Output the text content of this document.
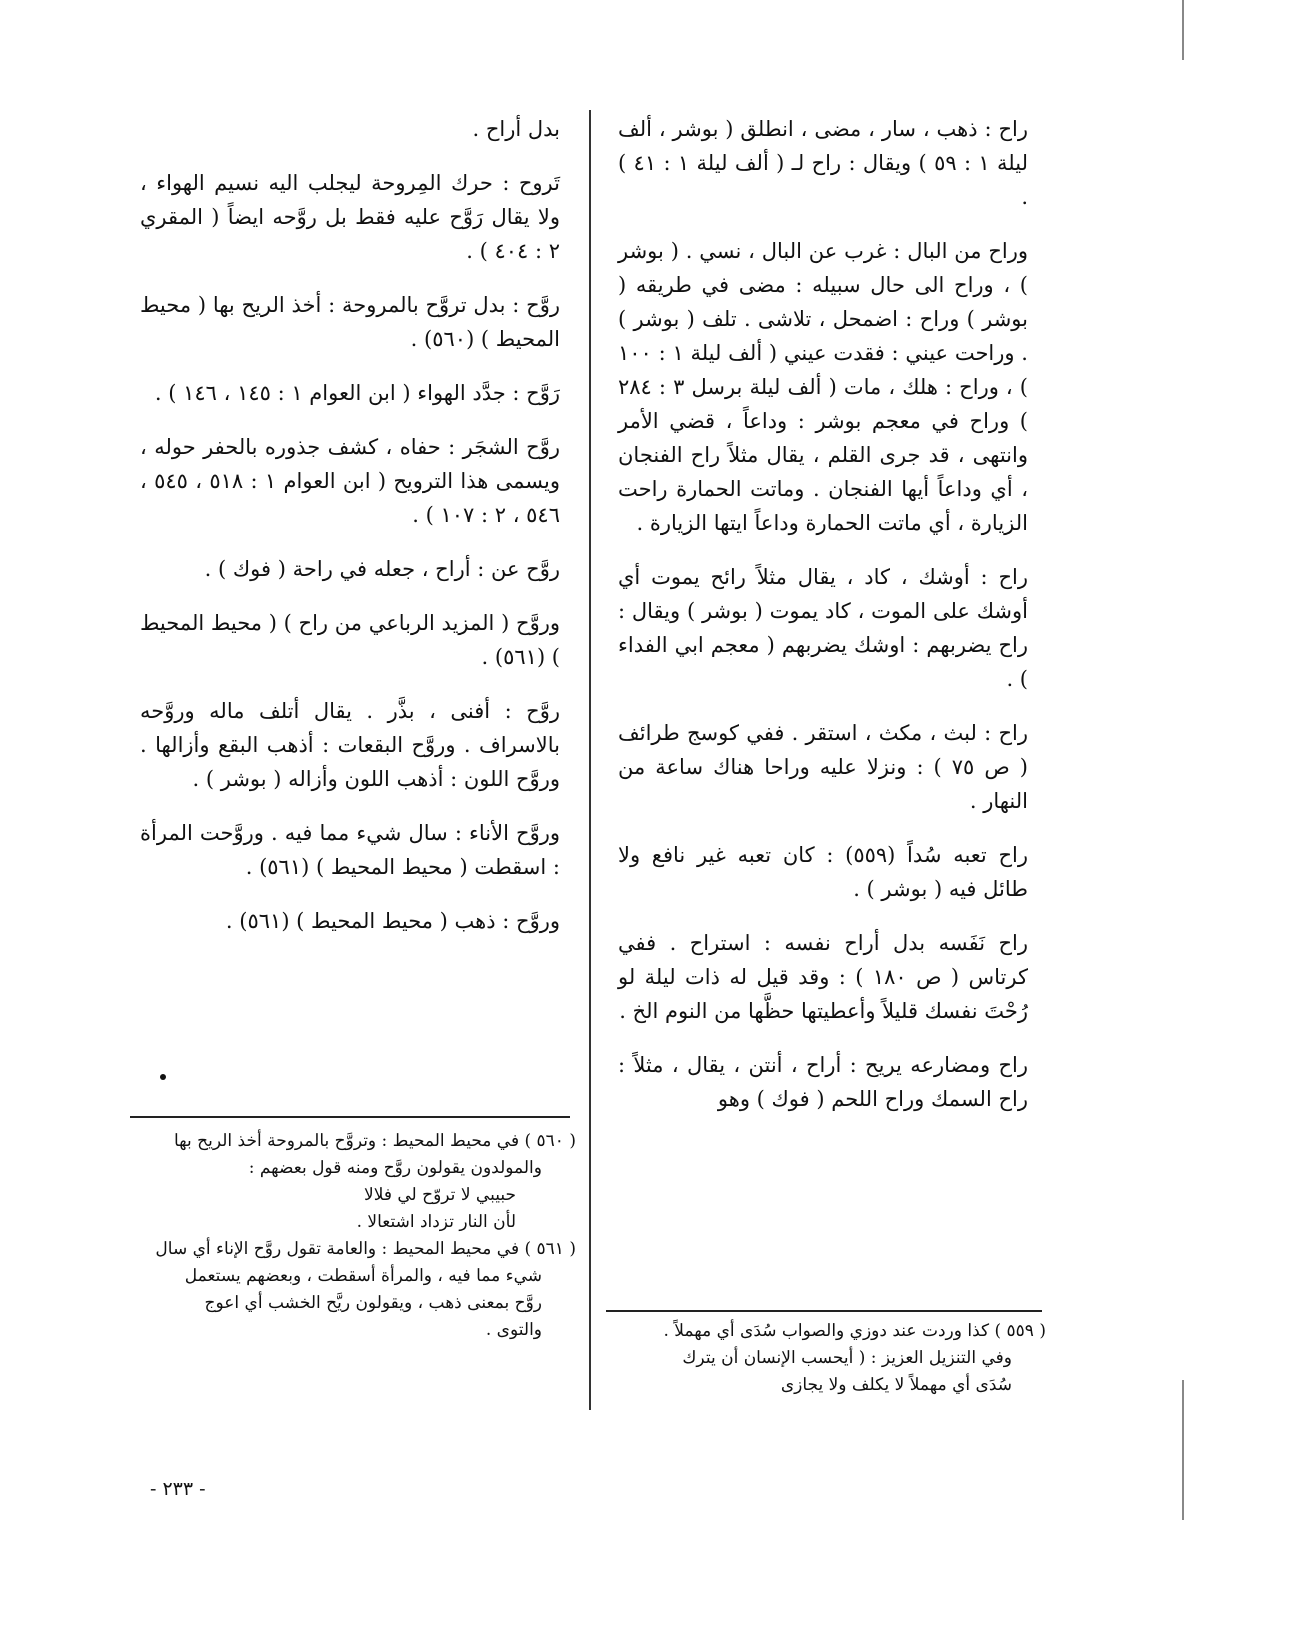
راح : ذهب ، سار ، مضى ، انطلق ( بوشر ، ألف ليلة ١ : ٥٩ ) ويقال : راح لـ ( ألف ليلة ١ : ٤١ ) .

وراح من البال : غرب عن البال ، نسي . ( بوشر ) ، وراح الى حال سبيله : مضى في طريقه ( بوشر ) وراح : اضمحل ، تلاشى . تلف ( بوشر ) . وراحت عيني : فقدت عيني ( ألف ليلة ١ : ١٠٠ ) ، وراح : هلك ، مات ( ألف ليلة برسل ٣ : ٢٨٤ ) وراح في معجم بوشر : وداعاً ، قضي الأمر وانتهى ، قد جرى القلم ، يقال مثلاً راح الفنجان ، أي وداعاً أيها الفنجان . وماتت الحمارة راحت الزيارة ، أي ماتت الحمارة وداعاً ايتها الزيارة .

راح : أوشك ، كاد ، يقال مثلاً رائح يموت أي أوشك على الموت ، كاد يموت ( بوشر ) ويقال : راح يضربهم : اوشك يضربهم ( معجم ابي الفداء ) .

راح : لبث ، مكث ، استقر . ففي كوسج طرائف ( ص ٧٥ ) : ونزلا عليه وراحا هناك ساعة من النهار .

راح تعبه سُداً (٥٥٩) : كان تعبه غير نافع ولا طائل فيه ( بوشر ) .

راح نَفَسه بدل أراح نفسه : استراح . ففي كرتاس ( ص ١٨٠ ) : وقد قيل له ذات ليلة لو رُحْتَ نفسك قليلاً وأعطيتها حظَّها من النوم الخ .

راح ومضارعه يريح : أراح ، أنتن ، يقال ، مثلاً : راح السمك وراح اللحم ( فوك ) وهو

بدل أراح .

تَروح : حرك المِروحة ليجلب اليه نسيم الهواء ، ولا يقال رَوَّح عليه فقط بل روَّحه ايضاً ( المقري ٢ : ٤٠٤ ) .

روَّح : بدل تروَّح بالمروحة : أخذ الريح بها ( محيط المحيط ) (٥٦٠) .

رَوَّح : جدَّد الهواء ( ابن العوام ١ : ١٤٥ ، ١٤٦ ) .

روَّح الشجَر : حفاه ، كشف جذوره بالحفر حوله ، ويسمى هذا الترويح ( ابن العوام ١ : ٥١٨ ، ٥٤٥ ، ٥٤٦ ، ٢ : ١٠٧ ) .

روَّح عن : أراح ، جعله في راحة ( فوك ) .

وروَّح ( المزيد الرباعي من راح ) ( محيط المحيط ) (٥٦١) .

روَّح : أفنى ، بذَّر . يقال أتلف ماله وروَّحه بالاسراف . وروَّح البقعات : أذهب البقع وأزالها . وروَّح اللون : أذهب اللون وأزاله ( بوشر ) .

وروَّح الأناء : سال شيء مما فيه . وروَّحت المرأة : اسقطت ( محيط المحيط ) (٥٦١) .

وروَّح : ذهب ( محيط المحيط ) (٥٦١) .

( ٥٦٠ ) في محيط المحيط : وتروَّح بالمروحة أخذ الريح بها

والمولدون يقولون روَّح ومنه قول بعضهم :

حبيبي لا تروّح لي فلالا

لأن النار تزداد اشتعالا .

( ٥٦١ ) في محيط المحيط : والعامة تقول روَّح الإناء أي سال

شيء مما فيه ، والمرأة أسقطت ، وبعضهم يستعمل

روَّح بمعنى ذهب ، ويقولون ريَّح الخشب أي اعوج

والتوى .	( ٥٥٩ ) كذا وردت عند دوزي والصواب سُدَى أي مهملاً .

وفي التنزيل العزيز : ( أيحسب الإنسان أن يترك

سُدَى أي مهملاً لا يكلف ولا يجازى

- ٢٣٣ -
